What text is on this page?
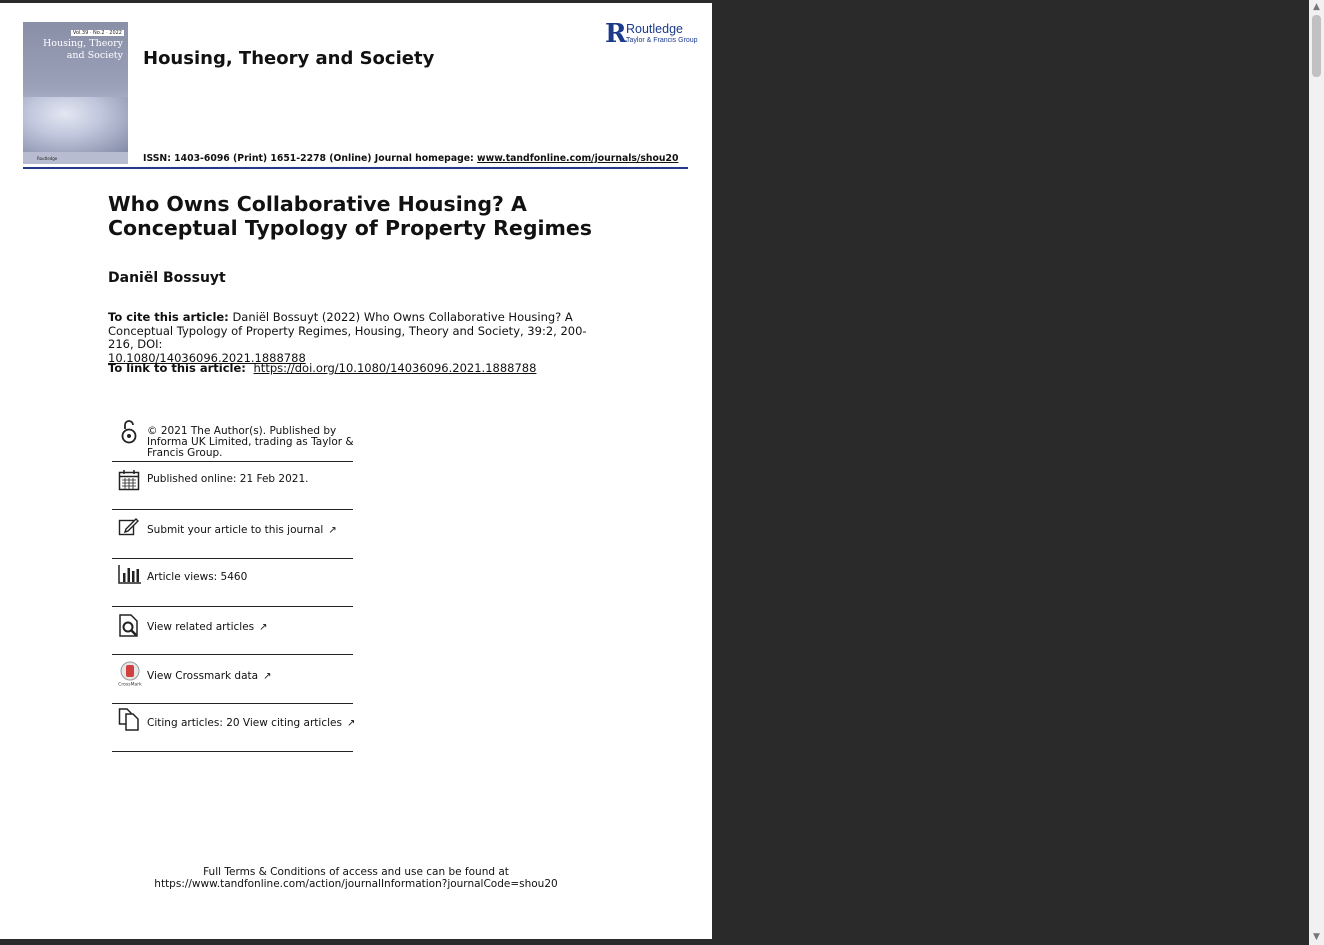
Vol.39 · No.2 · 2022
Housing, Theory
and Society
Routledge
Housing, Theory and Society
R Routledge
Taylor & Francis Group
ISSN: 1403-6096 (Print) 1651-2278 (Online) Journal homepage: www.tandfonline.com/journals/shou20
Who Owns Collaborative Housing? A Conceptual Typology of Property Regimes
Daniël Bossuyt
To cite this article: Daniël Bossuyt (2022) Who Owns Collaborative Housing? A Conceptual Typology of Property Regimes, Housing, Theory and Society, 39:2, 200-216, DOI:
10.1080/14036096.2021.1888788
To link to this article: https://doi.org/10.1080/14036096.2021.1888788
© 2021 The Author(s). Published by Informa UK Limited, trading as Taylor & Francis Group.
Published online: 21 Feb 2021.
Submit your article to this journal ↗
Article views: 5460
View related articles ↗
CrossMark
View Crossmark data ↗
Citing articles: 20 View citing articles ↗
Full Terms & Conditions of access and use can be found at
https://www.tandfonline.com/action/journalInformation?journalCode=shou20
▲
▼
